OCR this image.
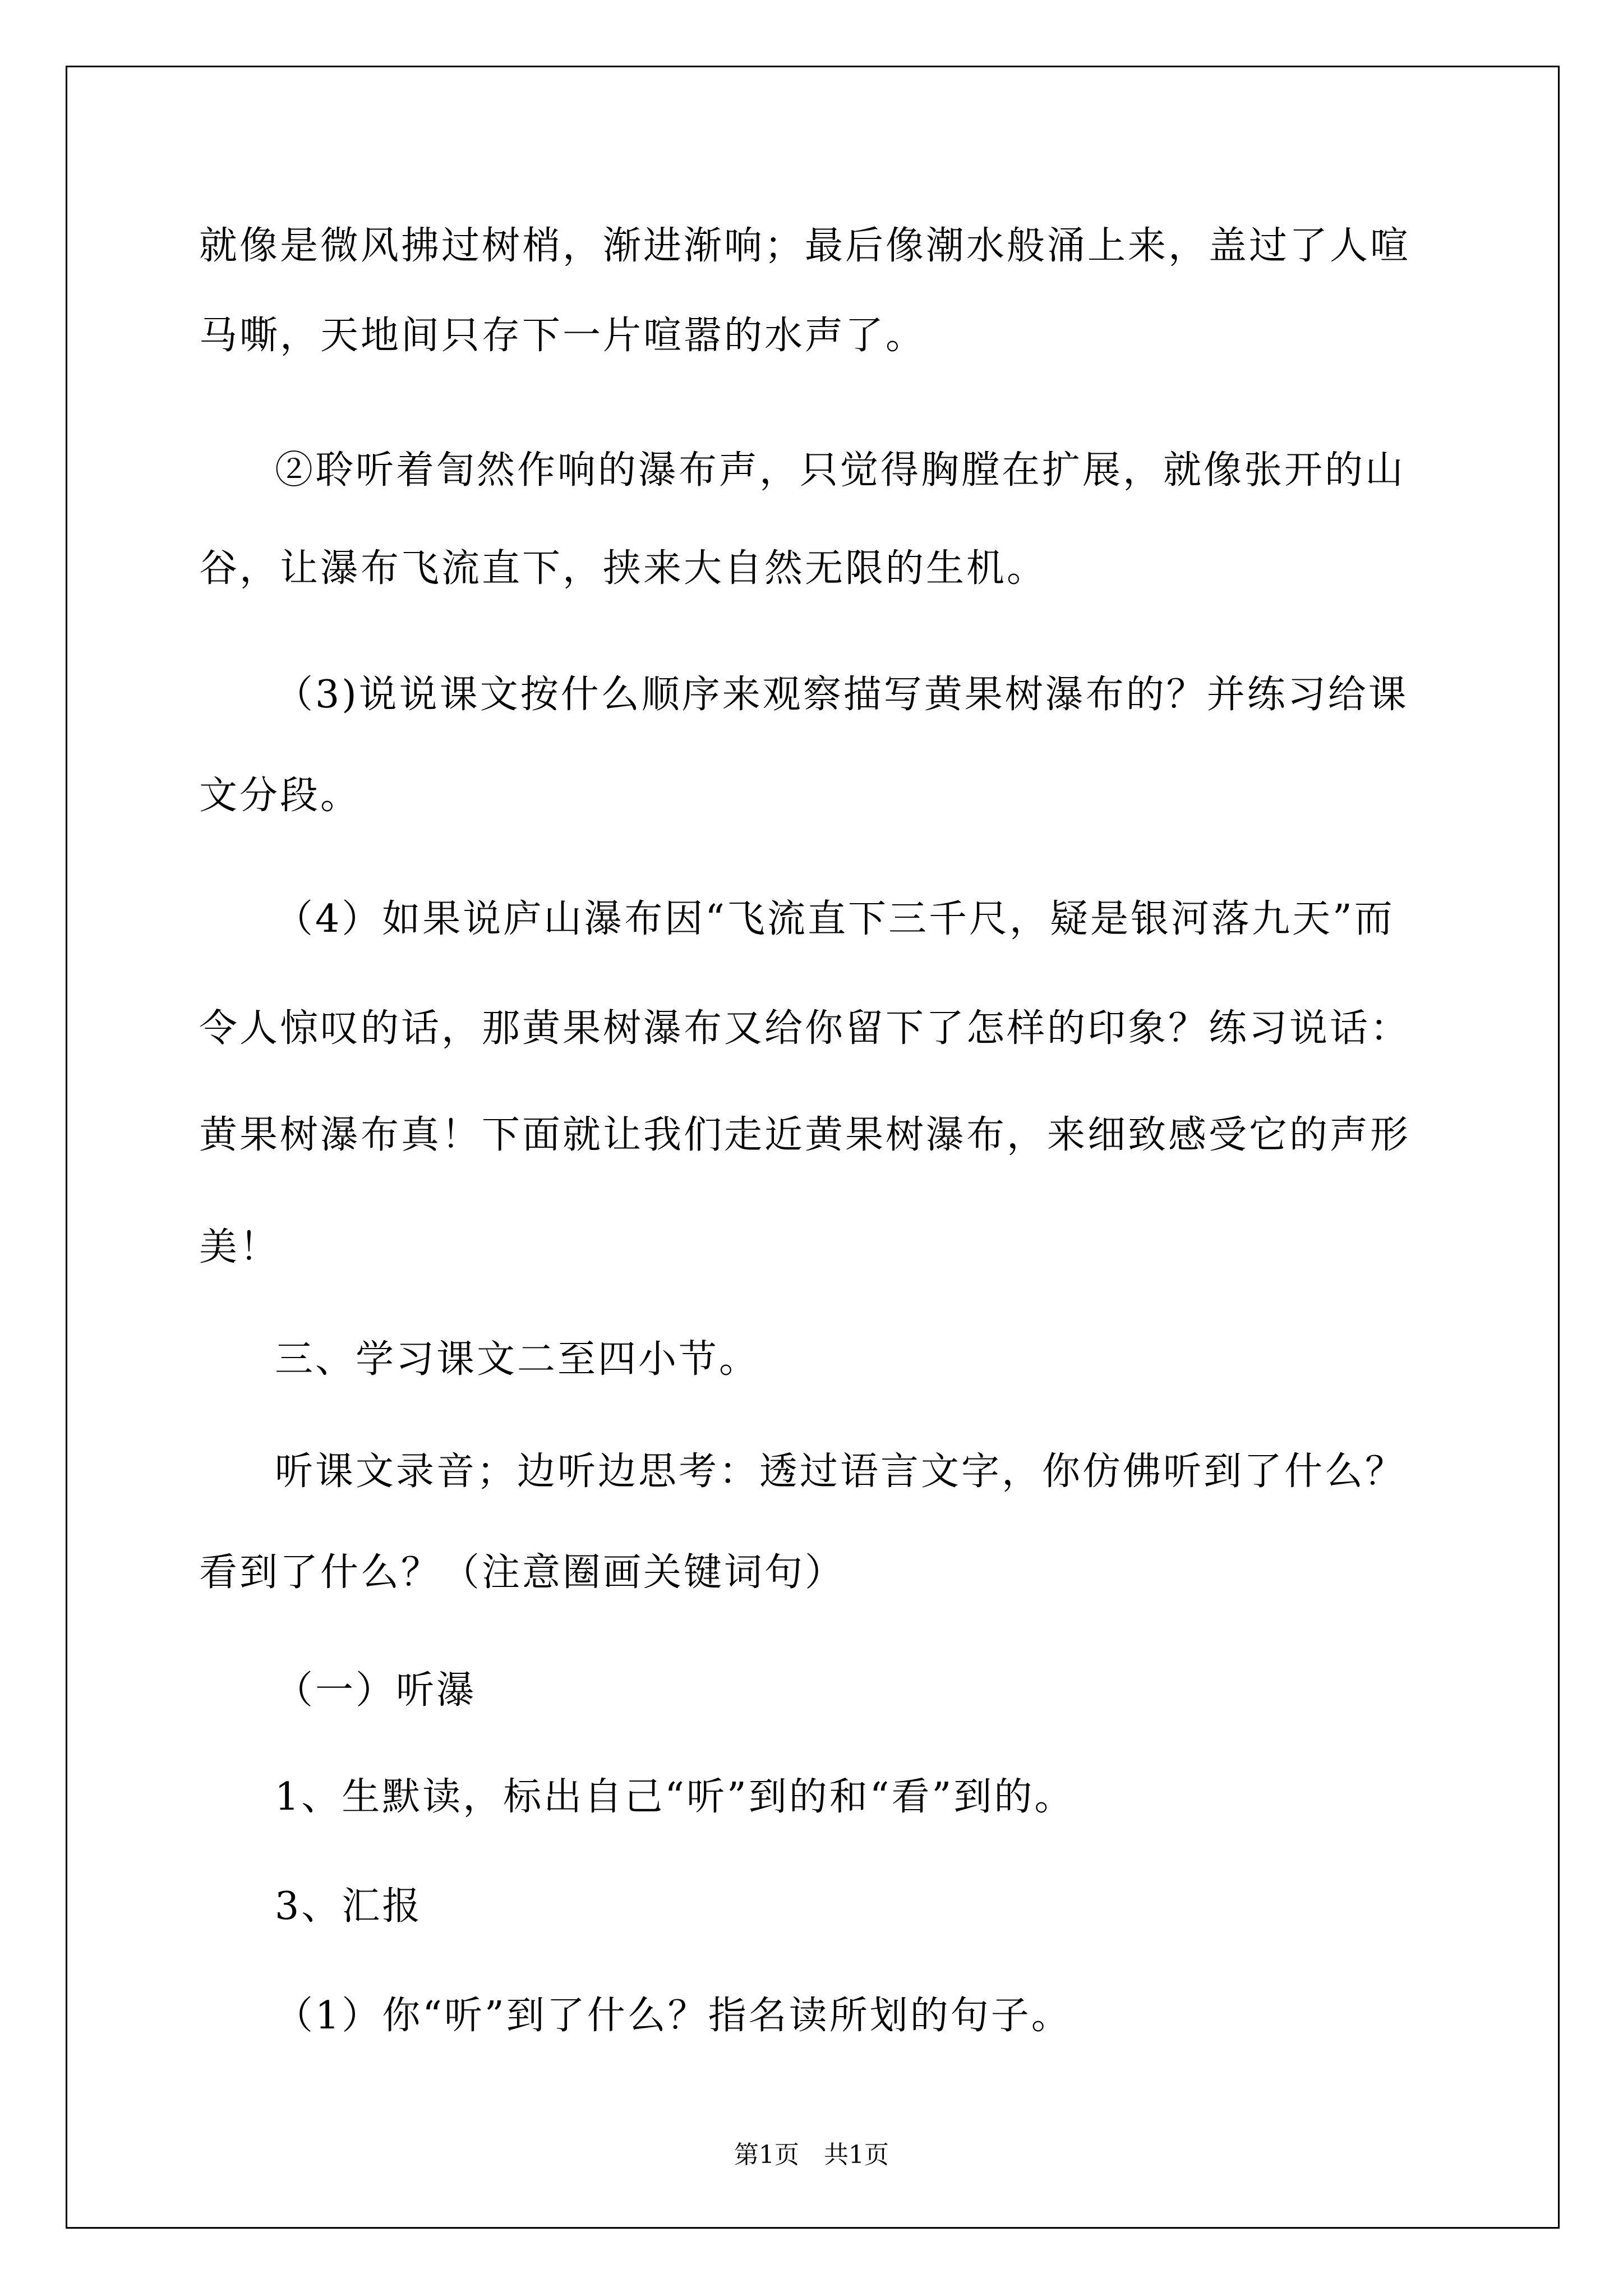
就像是微风拂过树梢，渐进渐响；最后像潮水般涌上来，盖过了人喧
马嘶，天地间只存下一片喧嚣的水声了。
②聆听着訇然作响的瀑布声，只觉得胸膛在扩展，就像张开的山
谷，让瀑布飞流直下，挟来大自然无限的生机。
（3)说说课文按什么顺序来观察描写黄果树瀑布的？并练习给课
文分段。
（4）如果说庐山瀑布因“飞流直下三千尺，疑是银河落九天”而
令人惊叹的话，那黄果树瀑布又给你留下了怎样的印象？练习说话：
黄果树瀑布真！下面就让我们走近黄果树瀑布，来细致感受它的声形
美！
三、学习课文二至四小节。
听课文录音；边听边思考：透过语言文字，你仿佛听到了什么？
看到了什么？（注意圈画关键词句）
（一）听瀑
1、生默读，标出自己“听”到的和“看”到的。
3、汇报
（1）你“听”到了什么？指名读所划的句子。
第1页　共1页
